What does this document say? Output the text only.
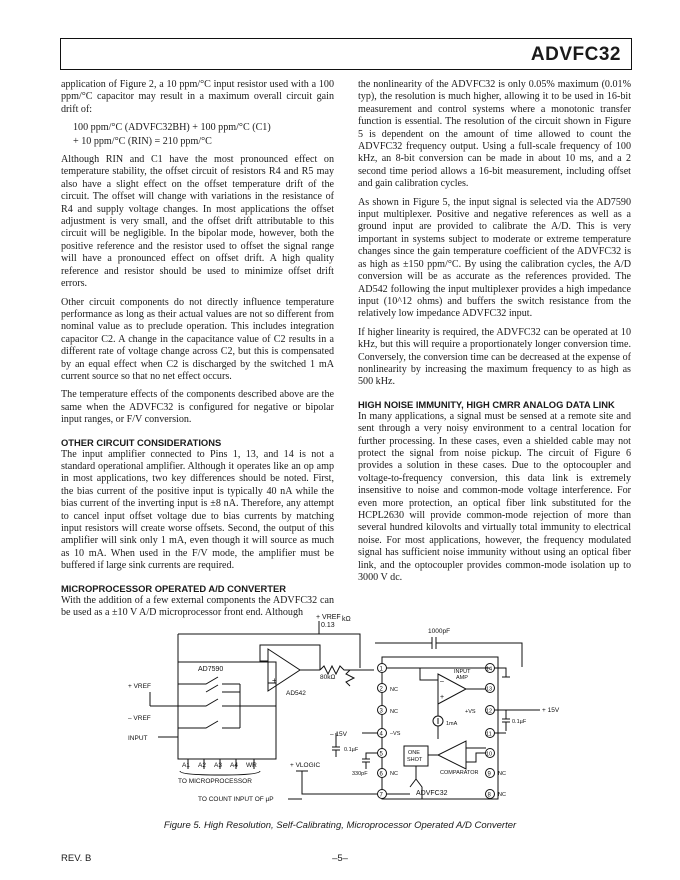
ADVFC32

application of Figure 2, a 10 ppm/°C input resistor used with a 100 ppm/°C capacitor may result in a maximum overall circuit gain drift of:

100 ppm/°C (ADVFC32BH) + 100 ppm/°C (C1)

+ 10 ppm/°C (RIN) = 210 ppm/°C

Although RIN and C1 have the most pronounced effect on temperature stability, the offset circuit of resistors R4 and R5 may also have a slight effect on the offset temperature drift of the circuit. The offset will change with variations in the resistance of R4 and supply voltage changes. In most applications the offset adjustment is very small, and the offset drift attributable to this circuit will be negligible. In the bipolar mode, however, both the positive reference and the resistor used to offset the signal range will have a pronounced effect on offset drift. A high quality reference and resistor should be used to minimize offset drift errors.

Other circuit components do not directly influence temperature performance as long as their actual values are not so different from nominal value as to preclude operation. This includes integration capacitor C2. A change in the capacitance value of C2 results in a different rate of voltage change across C2, but this is compensated by an equal effect when C2 is discharged by the switched 1 mA current source so that no net effect occurs.

The temperature effects of the components described above are the same when the ADVFC32 is configured for negative or bipolar input ranges, or F/V conversion.

OTHER CIRCUIT CONSIDERATIONS

The input amplifier connected to Pins 1, 13, and 14 is not a standard operational amplifier. Although it operates like an op amp in most applications, two key differences should be noted. First, the bias current of the positive input is typically 40 nA while the bias current of the inverting input is ±8 nA. Therefore, any attempt to cancel input offset voltage due to bias currents by matching input resistors will create worse offsets. Second, the output of this amplifier will sink only 1 mA, even though it will source as much as 10 mA. When used in the F/V mode, the amplifier must be buffered if large sink currents are required.

MICROPROCESSOR OPERATED A/D CONVERTER

With the addition of a few external components the ADVFC32 can be used as a ±10 V A/D microprocessor front end. Although

the nonlinearity of the ADVFC32 is only 0.05% maximum (0.01% typ), the resolution is much higher, allowing it to be used in 16-bit measurement and control systems where a monotonic transfer function is essential. The resolution of the circuit shown in Figure 5 is dependent on the amount of time allowed to count the ADVFC32 frequency output. Using a full-scale frequency of 100 kHz, an 8-bit conversion can be made in about 10 ms, and a 2 second time period allows a 16-bit measurement, including offset and gain calibration cycles.

As shown in Figure 5, the input signal is selected via the AD7590 input multiplexer. Positive and negative references as well as a ground input are provided to calibrate the A/D. This is very important in systems subject to moderate or extreme temperature changes since the gain temperature coefficient of the ADVFC32 is as high as ±150 ppm/°C. By using the calibration cycles, the A/D conversion will be as accurate as the references provided. The AD542 following the input multiplexer provides a high impedance input (10^12 ohms) and buffers the switch resistance from the relatively low impedance ADVFC32 input.

If higher linearity is required, the ADVFC32 can be operated at 10 kHz, but this will require a proportionately longer conversion time. Conversely, the conversion time can be decreased at the expense of nonlinearity by increasing the maximum frequency to as high as 500 kHz.

HIGH NOISE IMMUNITY, HIGH CMRR ANALOG DATA LINK

In many applications, a signal must be sensed at a remote site and sent through a very noisy environment to a central location for further processing. In these cases, even a shielded cable may not protect the signal from noise pickup. The circuit of Figure 6 provides a solution in these cases. Due to the optocoupler and voltage-to-frequency conversion, this data link is extremely insensitive to noise and common-mode voltage interference. For even more protection, an optical fiber link substituted for the HCPL2630 will provide common-mode rejection of more than several hundred kilovolts and virtually total immunity to electrical noise. For most applications, however, the frequency modulated signal has sufficient noise immunity without using an optical fiber link, and the optocoupler provides common-mode isolation up to 3000 V dc.

+ VREF
0.13
kΩ
1000pF
AD7590
+ VREF
– VREF
INPUT
A1 A2 A3 A4 WR
TO MICROPROCESSOR
–
+
AD542
80kΩ
ADVFC32
1
2
3
4
5
6
7	8
9
10
11
12
13
14
NC
NC
NC	NC
NC
–VS
+VS
–
+
INPUT
AMP
ONE
SHOT
COMPARATOR
1mA
+ 15V
0.1µF
– 15V
0.1µF
330pF
+ VLOGIC
TO COUNT INPUT OF µP
Figure 5. High Resolution, Self-Calibrating, Microprocessor Operated A/D Converter
REV. B	–5–
